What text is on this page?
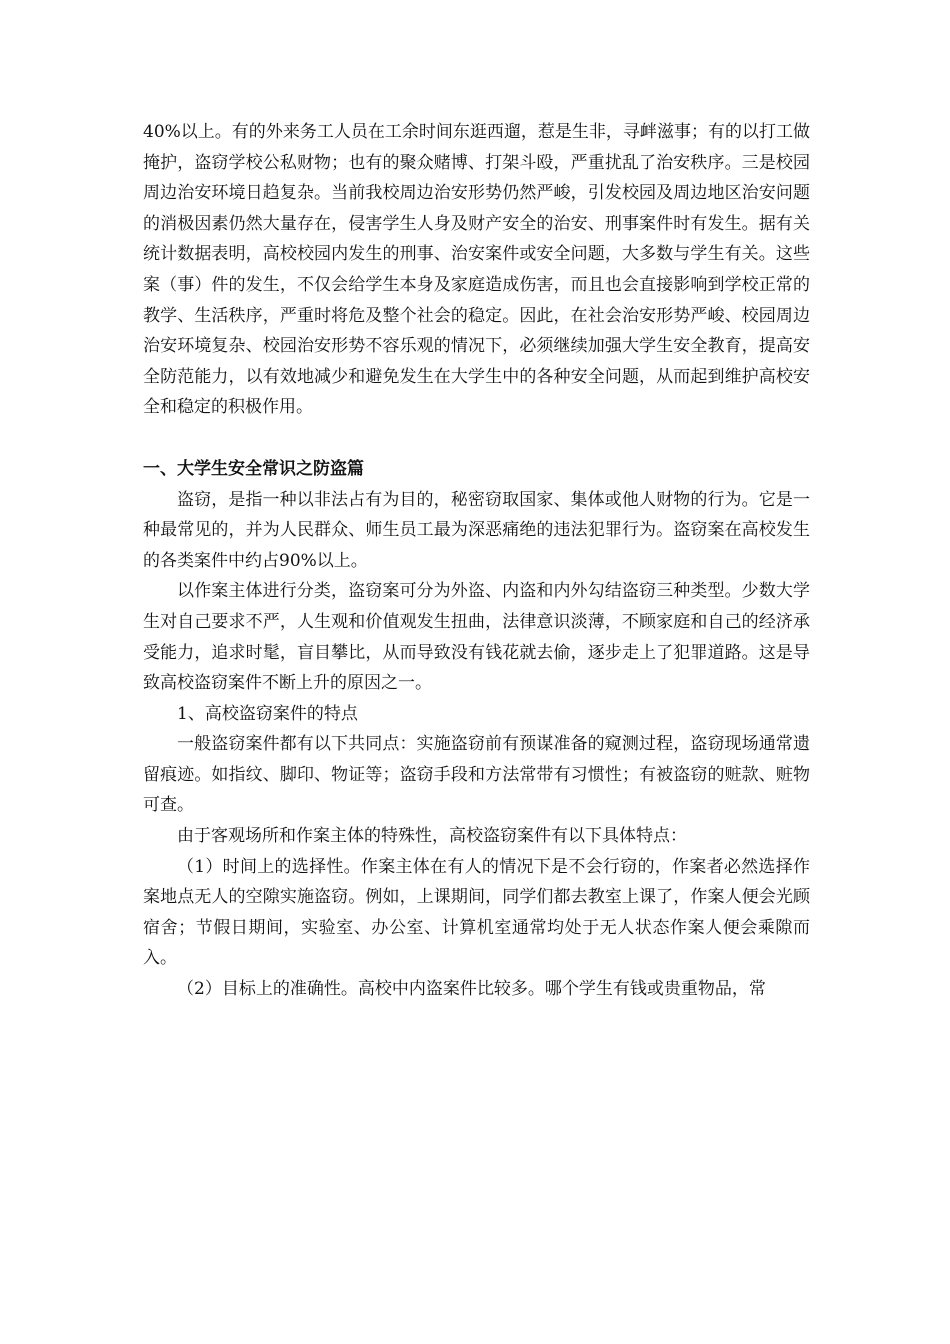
40%以上。有的外来务工人员在工余时间东逛西遛，惹是生非，寻衅滋事；有的以打工做掩护，盗窃学校公私财物；也有的聚众赌博、打架斗殴，严重扰乱了治安秩序。三是校园周边治安环境日趋复杂。当前我校周边治安形势仍然严峻，引发校园及周边地区治安问题的消极因素仍然大量存在，侵害学生人身及财产安全的治安、刑事案件时有发生。据有关统计数据表明，高校校园内发生的刑事、治安案件或安全问题，大多数与学生有关。这些案（事）件的发生，不仅会给学生本身及家庭造成伤害，而且也会直接影响到学校正常的教学、生活秩序，严重时将危及整个社会的稳定。因此，在社会治安形势严峻、校园周边治安环境复杂、校园治安形势不容乐观的情况下，必须继续加强大学生安全教育，提高安全防范能力，以有效地减少和避免发生在大学生中的各种安全问题，从而起到维护高校安全和稳定的积极作用。

一、大学生安全常识之防盗篇

盗窃，是指一种以非法占有为目的，秘密窃取国家、集体或他人财物的行为。它是一种最常见的，并为人民群众、师生员工最为深恶痛绝的违法犯罪行为。盗窃案在高校发生的各类案件中约占90%以上。

以作案主体进行分类，盗窃案可分为外盗、内盗和内外勾结盗窃三种类型。少数大学生对自己要求不严，人生观和价值观发生扭曲，法律意识淡薄，不顾家庭和自己的经济承受能力，追求时髦，盲目攀比，从而导致没有钱花就去偷，逐步走上了犯罪道路。这是导致高校盗窃案件不断上升的原因之一。

1、高校盗窃案件的特点

一般盗窃案件都有以下共同点：实施盗窃前有预谋准备的窥测过程，盗窃现场通常遗留痕迹。如指纹、脚印、物证等；盗窃手段和方法常带有习惯性；有被盗窃的赃款、赃物可查。

由于客观场所和作案主体的特殊性，高校盗窃案件有以下具体特点：

（1）时间上的选择性。作案主体在有人的情况下是不会行窃的，作案者必然选择作案地点无人的空隙实施盗窃。例如，上课期间，同学们都去教室上课了，作案人便会光顾宿舍；节假日期间，实验室、办公室、计算机室通常均处于无人状态作案人便会乘隙而入。

（2）目标上的准确性。高校中内盗案件比较多。哪个学生有钱或贵重物品，常
